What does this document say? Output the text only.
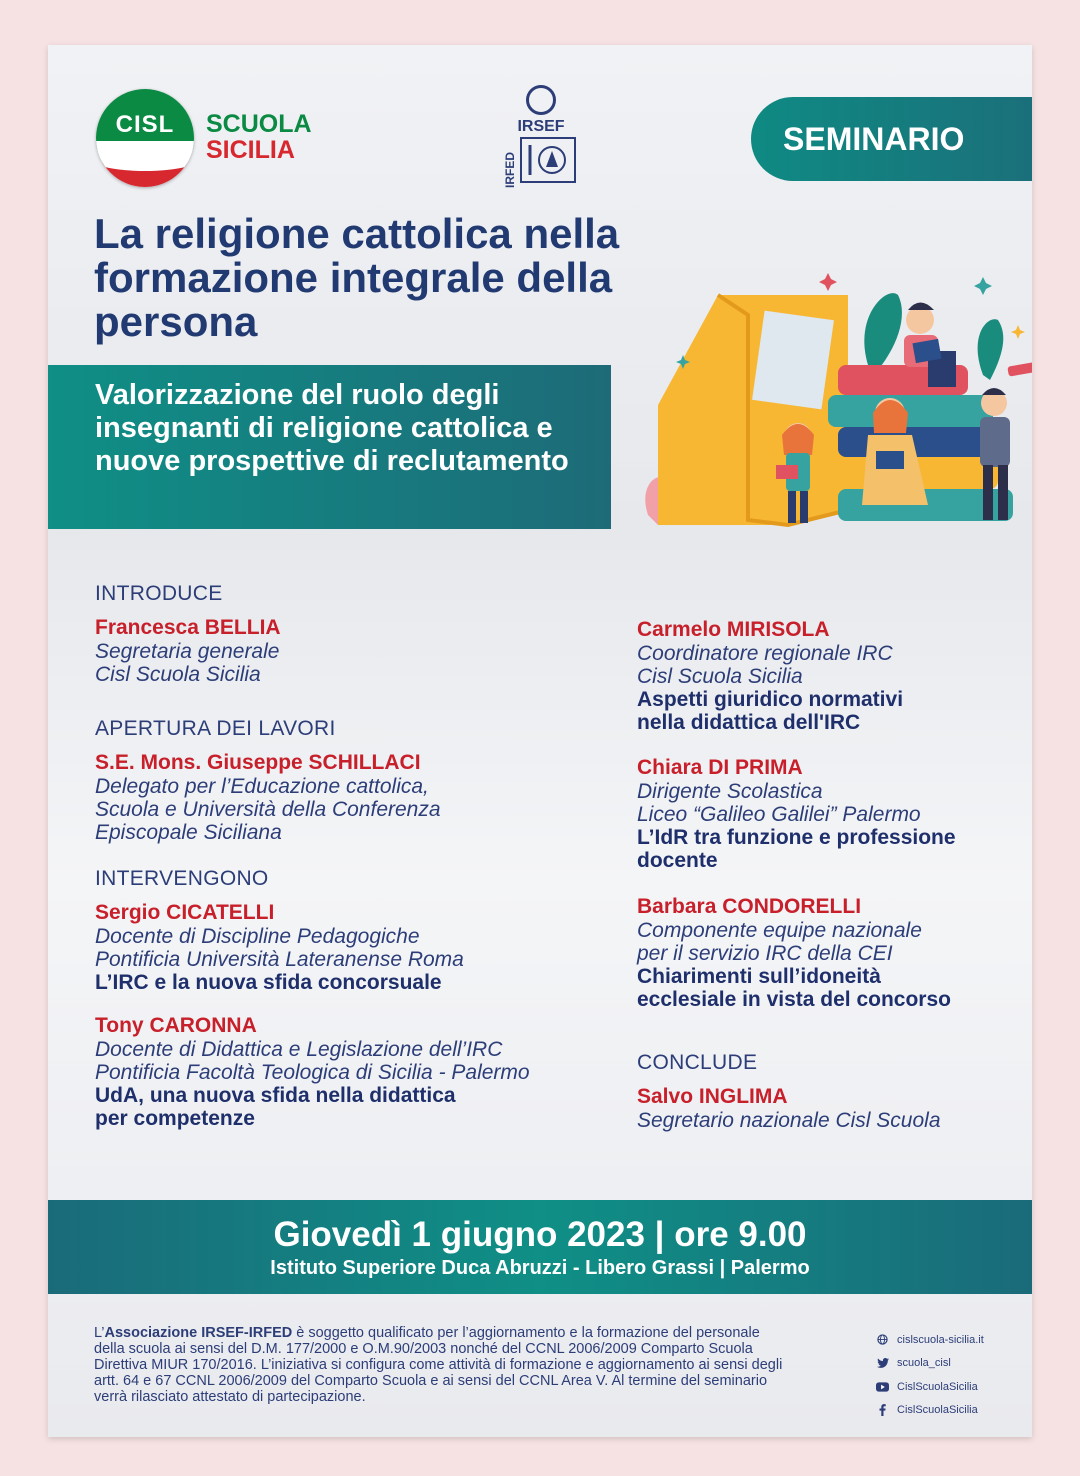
CISL	SCUOLA
SICILIA
IRSEF
IRFED
SEMINARIO
La religione cattolica nella formazione integrale della persona

Valorizzazione del ruolo degli insegnanti di religione cattolica e nuove prospettive di reclutamento

INTRODUCE
Francesca BELLIA
Segretaria generale
Cisl Scuola Sicilia
APERTURA DEI LAVORI
S.E. Mons. Giuseppe SCHILLACI
Delegato per l’Educazione cattolica,
Scuola e Università della Conferenza
Episcopale Siciliana
INTERVENGONO
Sergio CICATELLI
Docente di Discipline Pedagogiche
Pontificia Università Lateranense Roma
L’IRC e la nuova sfida concorsuale
Tony CARONNA
Docente di Didattica e Legislazione dell’IRC
Pontificia Facoltà Teologica di Sicilia - Palermo
UdA, una nuova sfida nella didattica
per competenze
Carmelo MIRISOLA
Coordinatore regionale IRC
Cisl Scuola Sicilia
Aspetti giuridico normativi
nella didattica dell'IRC
Chiara DI PRIMA
Dirigente Scolastica
Liceo “Galileo Galilei” Palermo
L’IdR tra funzione e professione
docente
Barbara CONDORELLI
Componente equipe nazionale
per il servizio IRC della CEI
Chiarimenti sull’idoneità
ecclesiale in vista del concorso
CONCLUDE
Salvo INGLIMA
Segretario nazionale Cisl Scuola
Giovedì 1 giugno 2023 | ore 9.00
Istituto Superiore Duca Abruzzi - Libero Grassi | Palermo

L’Associazione IRSEF-IRFED è soggetto qualificato per l’aggiornamento e la formazione del personale della scuola ai sensi del D.M. 177/2000 e O.M.90/2003 nonché del CCNL 2006/2009 Comparto Scuola Direttiva MIUR 170/2016. L’iniziativa si configura come attività di formazione e aggiornamento ai sensi degli artt. 64 e 67 CCNL 2006/2009 del Comparto Scuola e ai sensi del CCNL Area V. Al termine del seminario verrà rilasciato attestato di partecipazione.

cislscuola-sicilia.it
scuola_cisl
CislScuolaSicilia
CislScuolaSicilia
